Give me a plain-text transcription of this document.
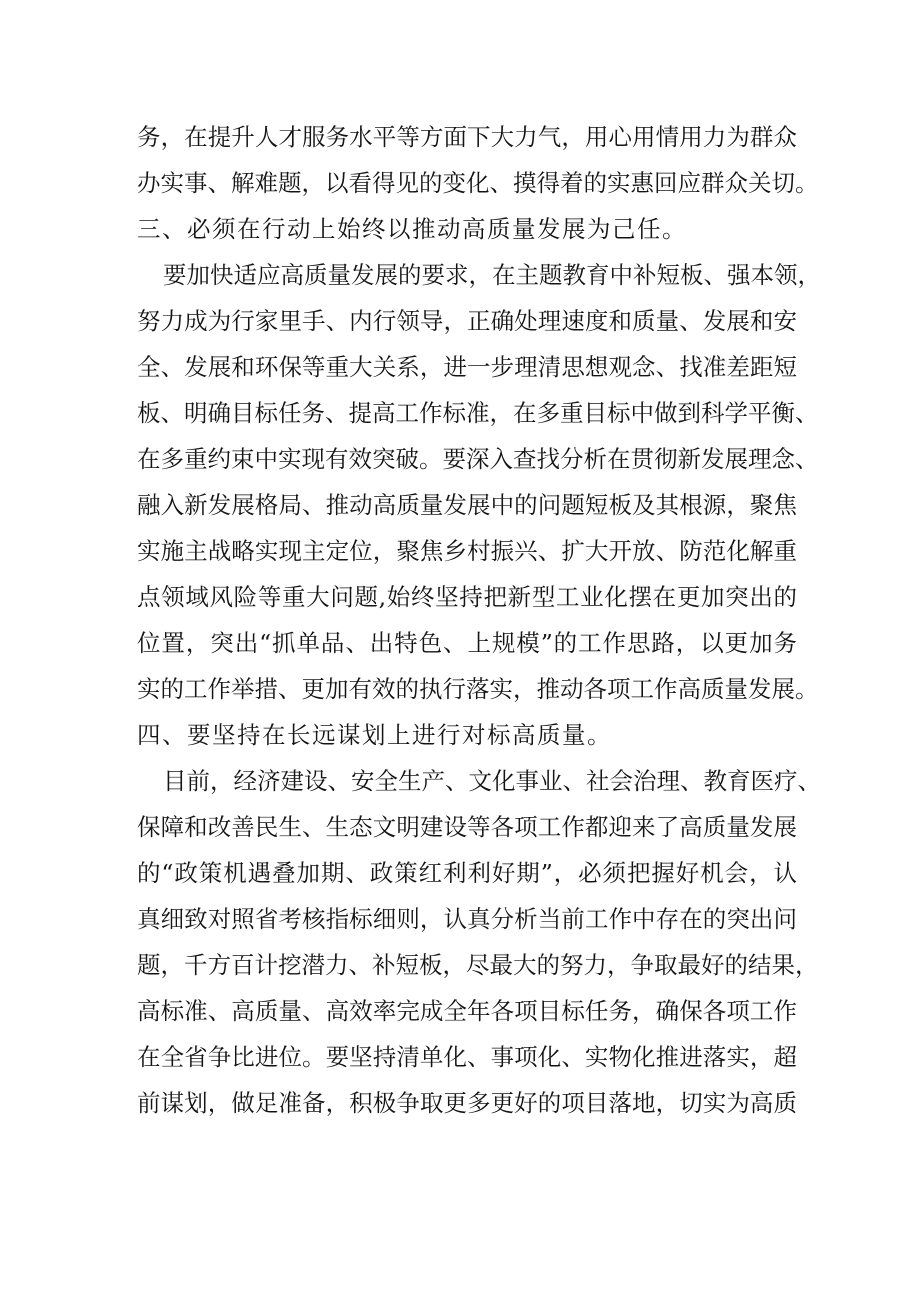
务，在提升人才服务水平等方面下大力气，用心用情用力为群众
办实事、解难题，以看得见的变化、摸得着的实惠回应群众关切。
三、必须在行动上始终以推动高质量发展为己任。
要加快适应高质量发展的要求，在主题教育中补短板、强本领，
努力成为行家里手、内行领导，正确处理速度和质量、发展和安
全、发展和环保等重大关系，进一步理清思想观念、找准差距短
板、明确目标任务、提高工作标准，在多重目标中做到科学平衡、
在多重约束中实现有效突破。要深入查找分析在贯彻新发展理念、
融入新发展格局、推动高质量发展中的问题短板及其根源，聚焦
实施主战略实现主定位，聚焦乡村振兴、扩大开放、防范化解重
点领域风险等重大问题,始终坚持把新型工业化摆在更加突出的
位置，突出“抓单品、出特色、上规模”的工作思路，以更加务
实的工作举措、更加有效的执行落实，推动各项工作高质量发展。
四、要坚持在长远谋划上进行对标高质量。
目前，经济建设、安全生产、文化事业、社会治理、教育医疗、
保障和改善民生、生态文明建设等各项工作都迎来了高质量发展
的“政策机遇叠加期、政策红利利好期”，必须把握好机会，认
真细致对照省考核指标细则，认真分析当前工作中存在的突出问
题，千方百计挖潜力、补短板，尽最大的努力，争取最好的结果，
高标准、高质量、高效率完成全年各项目标任务，确保各项工作
在全省争比进位。要坚持清单化、事项化、实物化推进落实，超
前谋划，做足准备，积极争取更多更好的项目落地，切实为高质
